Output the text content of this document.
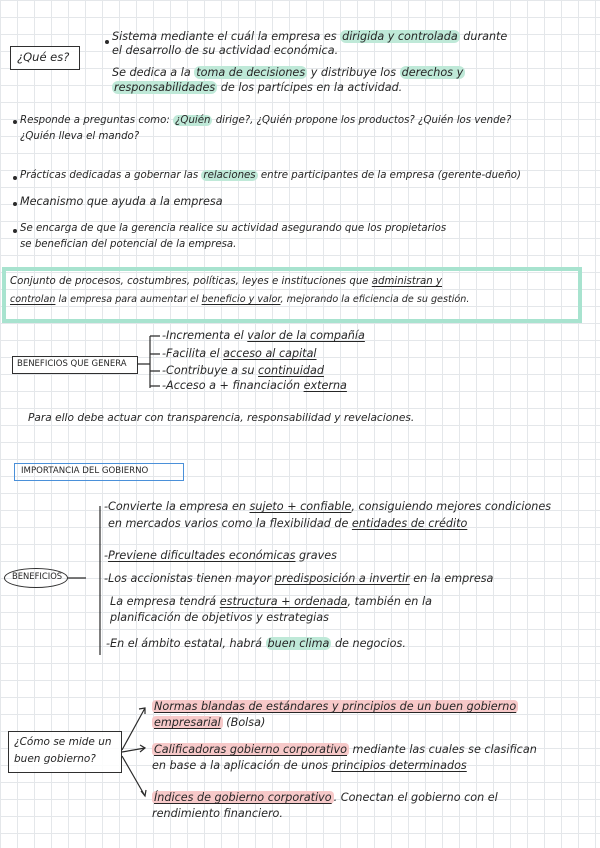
¿Qué es?
Sistema mediante el cuál la empresa es dirigida y controlada durante
el desarrollo de su actividad económica.
Se dedica a la toma de decisiones y distribuye los derechos y
responsabilidades de los partícipes en la actividad.
Responde a preguntas como: ¿Quién dirige?, ¿Quién propone los productos? ¿Quién los vende?
¿Quién lleva el mando?
Prácticas dedicadas a gobernar las relaciones entre participantes de la empresa (gerente-dueño)
Mecanismo que ayuda a la empresa
Se encarga de que la gerencia realice su actividad asegurando que los propietarios
se benefician del potencial de la empresa.
Conjunto de procesos, costumbres, políticas, leyes e instituciones que administran y
controlan la empresa para aumentar el beneficio y valor, mejorando la eficiencia de su gestión.
BENEFICIOS QUE GENERA
-Incrementa el valor de la compañía
-Facilita el acceso al capital
-Contribuye a su continuidad
-Acceso a + financiación externa
Para ello debe actuar con transparencia, responsabilidad y revelaciones.
IMPORTANCIA DEL GOBIERNO
BENEFICIOS
-Convierte la empresa en sujeto + confiable, consiguiendo mejores condiciones
en mercados varios como la flexibilidad de entidades de crédito
-Previene dificultades económicas graves
-Los accionistas tienen mayor predisposición a invertir en la empresa
La empresa tendrá estructura + ordenada, también en la
planificación de objetivos y estrategias
-En el ámbito estatal, habrá buen clima de negocios.
¿Cómo se mide un
buen gobierno?
Normas blandas de estándares y principios de un buen gobierno
empresarial (Bolsa)
Calificadoras gobierno corporativo mediante las cuales se clasifican
en base a la aplicación de unos principios determinados
Índices de gobierno corporativo . Conectan el gobierno con el
rendimiento financiero.
